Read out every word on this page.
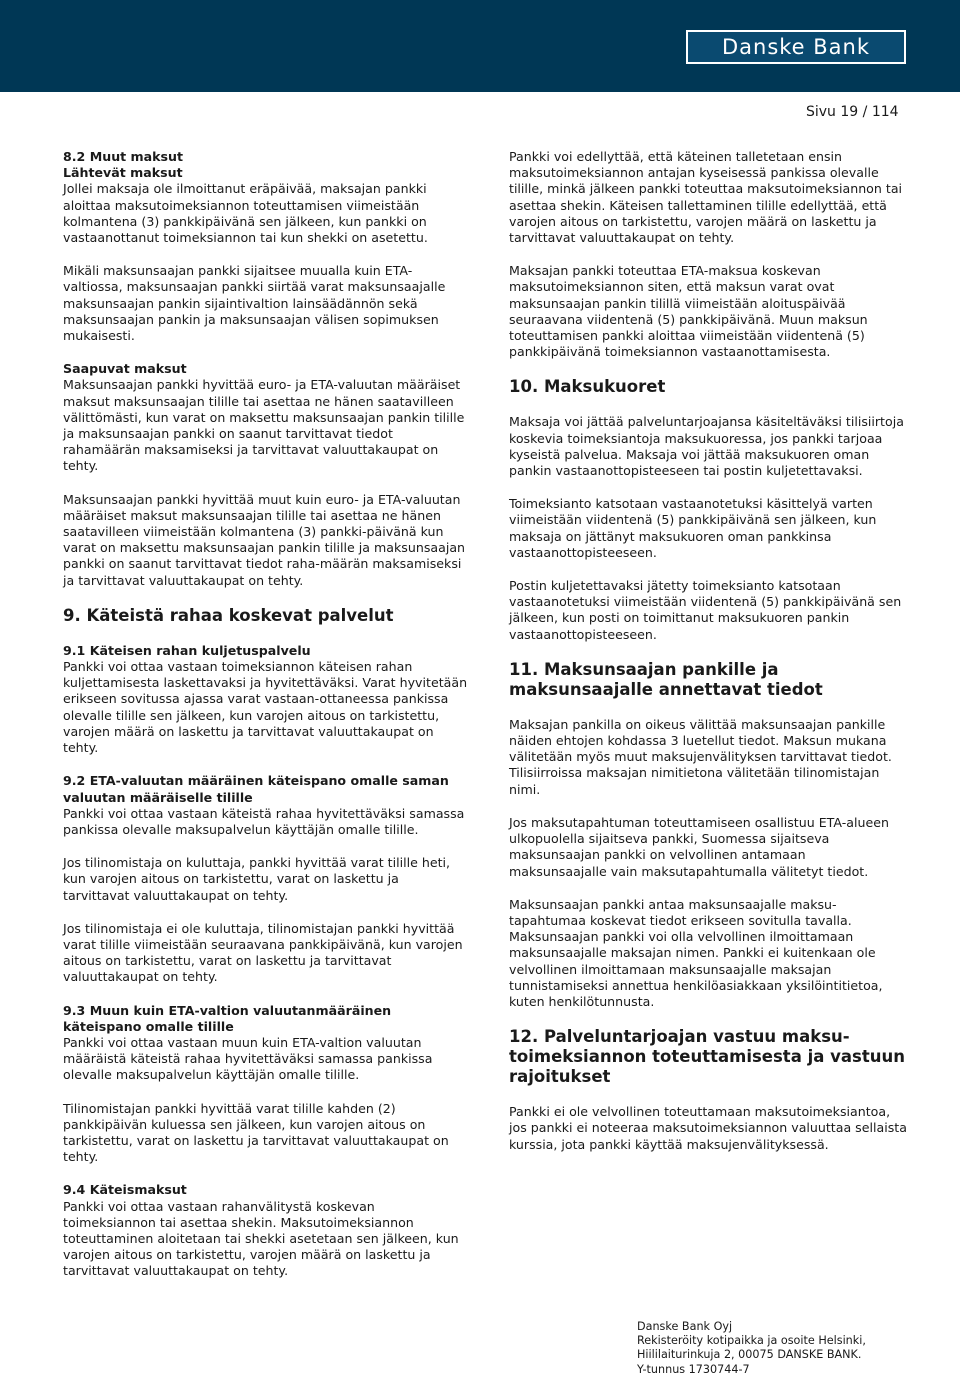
Danske Bank
Sivu 19 / 114

8.2 Muut maksut
Lähtevät maksut
Jollei maksaja ole ilmoittanut eräpäivää, maksajan pankki aloittaa maksutoimeksiannon toteuttamisen viimeistään kolmantena (3) pankkipäivänä sen jälkeen, kun pankki on vastaanottanut toimeksiannon tai kun shekki on asetettu.

Mikäli maksunsaajan pankki sijaitsee muualla kuin ETA-valtiossa, maksunsaajan pankki siirtää varat maksunsaajalle maksunsaajan pankin sijaintivaltion lainsäädännön sekä maksunsaajan pankin ja maksunsaajan välisen sopimuksen mukaisesti.

Saapuvat maksut
Maksunsaajan pankki hyvittää euro- ja ETA-valuutan määräiset maksut maksunsaajan tilille tai asettaa ne hänen saatavilleen välittömästi, kun varat on maksettu maksunsaajan pankin tilille ja maksunsaajan pankki on saanut tarvittavat tiedot rahamäärän maksamiseksi ja tarvittavat valuuttakaupat on tehty.

Maksunsaajan pankki hyvittää muut kuin euro- ja ETA-valuutan määräiset maksut maksunsaajan tilille tai asettaa ne hänen saatavilleen viimeistään kolmantena (3) pankki-päivänä kun varat on maksettu maksunsaajan pankin tilille ja maksunsaajan pankki on saanut tarvittavat tiedot raha-määrän maksamiseksi ja tarvittavat valuuttakaupat on tehty.

9. Käteistä rahaa koskevat palvelut

9.1 Käteisen rahan kuljetuspalvelu
Pankki voi ottaa vastaan toimeksiannon käteisen rahan kuljettamisesta laskettavaksi ja hyvitettäväksi. Varat hyvitetään erikseen sovitussa ajassa varat vastaan-ottaneessa pankissa olevalle tilille sen jälkeen, kun varojen aitous on tarkistettu, varojen määrä on laskettu ja tarvittavat valuuttakaupat on tehty.

9.2 ETA-valuutan määräinen käteispano omalle saman valuutan määräiselle tilille
Pankki voi ottaa vastaan käteistä rahaa hyvitettäväksi samassa pankissa olevalle maksupalvelun käyttäjän omalle tilille.

Jos tilinomistaja on kuluttaja, pankki hyvittää varat tilille heti, kun varojen aitous on tarkistettu, varat on laskettu ja tarvittavat valuuttakaupat on tehty.

Jos tilinomistaja ei ole kuluttaja, tilinomistajan pankki hyvittää varat tilille viimeistään seuraavana pankkipäivänä, kun varojen aitous on tarkistettu, varat on laskettu ja tarvittavat valuuttakaupat on tehty.

9.3 Muun kuin ETA-valtion valuutanmääräinen käteispano omalle tilille
Pankki voi ottaa vastaan muun kuin ETA-valtion valuutan määräistä käteistä rahaa hyvitettäväksi samassa pankissa olevalle maksupalvelun käyttäjän omalle tilille.

Tilinomistajan pankki hyvittää varat tilille kahden (2) pankkipäivän kuluessa sen jälkeen, kun varojen aitous on tarkistettu, varat on laskettu ja tarvittavat valuuttakaupat on tehty.

9.4 Käteismaksut
Pankki voi ottaa vastaan rahanvälitystä koskevan toimeksiannon tai asettaa shekin. Maksutoimeksiannon toteuttaminen aloitetaan tai shekki asetetaan sen jälkeen, kun varojen aitous on tarkistettu, varojen määrä on laskettu ja tarvittavat valuuttakaupat on tehty.

Pankki voi edellyttää, että käteinen talletetaan ensin maksutoimeksiannon antajan kyseisessä pankissa olevalle tilille, minkä jälkeen pankki toteuttaa maksutoimeksiannon tai asettaa shekin. Käteisen tallettaminen tilille edellyttää, että varojen aitous on tarkistettu, varojen määrä on laskettu ja tarvittavat valuuttakaupat on tehty.

Maksajan pankki toteuttaa ETA-maksua koskevan maksutoimeksiannon siten, että maksun varat ovat maksunsaajan pankin tilillä viimeistään aloituspäivää seuraavana viidentenä (5) pankkipäivänä. Muun maksun toteuttamisen pankki aloittaa viimeistään viidentenä (5) pankkipäivänä toimeksiannon vastaanottamisesta.

10. Maksukuoret

Maksaja voi jättää palveluntarjoajansa käsiteltäväksi tilisiirtoja koskevia toimeksiantoja maksukuoressa, jos pankki tarjoaa kyseistä palvelua. Maksaja voi jättää maksukuoren oman pankin vastaanottopisteeseen tai postin kuljetettavaksi.

Toimeksianto katsotaan vastaanotetuksi käsittelyä varten viimeistään viidentenä (5) pankkipäivänä sen jälkeen, kun maksaja on jättänyt maksukuoren oman pankkinsa vastaanottopisteeseen.

Postin kuljetettavaksi jätetty toimeksianto katsotaan vastaanotetuksi viimeistään viidentenä (5) pankkipäivänä sen jälkeen, kun posti on toimittanut maksukuoren pankin vastaanottopisteeseen.

11. Maksunsaajan pankille ja maksunsaajalle annettavat tiedot

Maksajan pankilla on oikeus välittää maksunsaajan pankille näiden ehtojen kohdassa 3 luetellut tiedot. Maksun mukana välitetään myös muut maksujenvälityksen tarvittavat tiedot. Tilisiirroissa maksajan nimitietona välitetään tilinomistajan nimi.

Jos maksutapahtuman toteuttamiseen osallistuu ETA-alueen ulkopuolella sijaitseva pankki, Suomessa sijaitseva maksunsaajan pankki on velvollinen antamaan maksunsaajalle vain maksutapahtumalla välitetyt tiedot.

Maksunsaajan pankki antaa maksunsaajalle maksu-tapahtumaa koskevat tiedot erikseen sovitulla tavalla. Maksunsaajan pankki voi olla velvollinen ilmoittamaan maksunsaajalle maksajan nimen. Pankki ei kuitenkaan ole velvollinen ilmoittamaan maksunsaajalle maksajan tunnistamiseksi annettua henkilöasiakkaan yksilöintitietoa, kuten henkilötunnusta.

12. Palveluntarjoajan vastuu maksu-toimeksiannon toteuttamisesta ja vastuun rajoitukset

Pankki ei ole velvollinen toteuttamaan maksutoimeksiantoa, jos pankki ei noteeraa maksutoimeksiannon valuuttaa sellaista kurssia, jota pankki käyttää maksujenvälityksessä.

Danske Bank Oyj
Rekisteröity kotipaikka ja osoite Helsinki,
Hiililaiturinkuja 2, 00075 DANSKE BANK.
Y-tunnus 1730744-7
